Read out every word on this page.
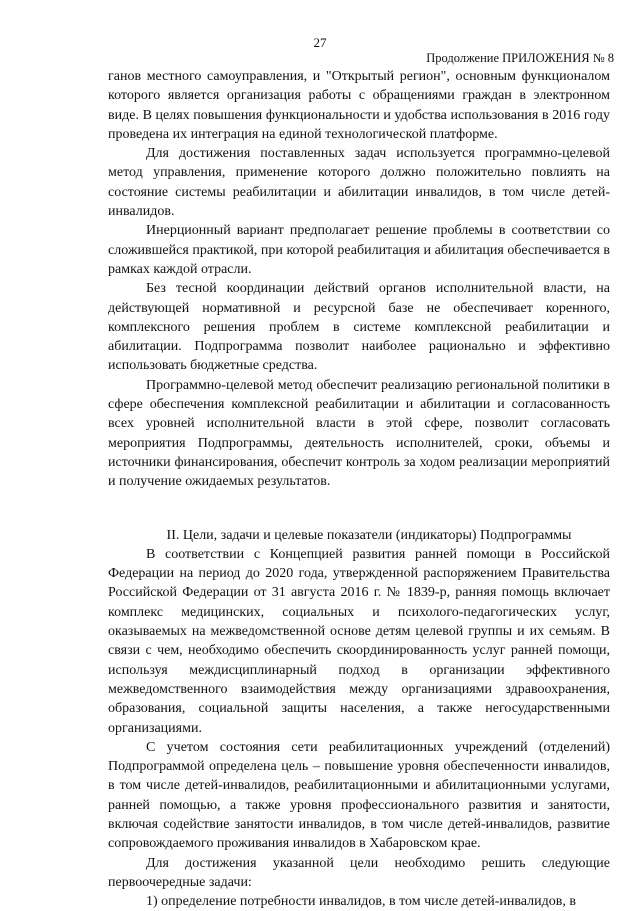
27
Продолжение ПРИЛОЖЕНИЯ № 8

ганов местного самоуправления, и "Открытый регион", основным функционалом которого является организация работы с обращениями граждан в электронном виде. В целях повышения функциональности и удобства использования в 2016 году проведена их интеграция на единой технологической платформе.

Для достижения поставленных задач используется программно-целевой метод управления, применение которого должно положительно повлиять на состояние системы реабилитации и абилитации инвалидов, в том числе детей-инвалидов.

Инерционный вариант предполагает решение проблемы в соответствии со сложившейся практикой, при которой реабилитация и абилитация обеспечивается в рамках каждой отрасли.

Без тесной координации действий органов исполнительной власти, на действующей нормативной и ресурсной базе не обеспечивает коренного, комплексного решения проблем в системе комплексной реабилитации и абилитации. Подпрограмма позволит наиболее рационально и эффективно использовать бюджетные средства.

Программно-целевой метод обеспечит реализацию региональной политики в сфере обеспечения комплексной реабилитации и абилитации и согласованность всех уровней исполнительной власти в этой сфере, позволит согласовать мероприятия Подпрограммы, деятельность исполнителей, сроки, объемы и источники финансирования, обеспечит контроль за ходом реализации мероприятий и получение ожидаемых результатов.

II. Цели, задачи и целевые показатели (индикаторы) Подпрограммы

В соответствии с Концепцией развития ранней помощи в Российской Федерации на период до 2020 года, утвержденной распоряжением Правительства Российской Федерации от 31 августа 2016 г. № 1839-р, ранняя помощь включает комплекс медицинских, социальных и психолого-педагогических услуг, оказываемых на межведомственной основе детям целевой группы и их семьям. В связи с чем, необходимо обеспечить скоординированность услуг ранней помощи, используя междисциплинарный подход в организации эффективного межведомственного взаимодействия между организациями здравоохранения, образования, социальной защиты населения, а также негосударственными организациями.

С учетом состояния сети реабилитационных учреждений (отделений) Подпрограммой определена цель – повышение уровня обеспеченности инвалидов, в том числе детей-инвалидов, реабилитационными и абилитационными услугами, ранней помощью, а также уровня профессионального развития и занятости, включая содействие занятости инвалидов, в том числе детей-инвалидов, развитие сопровождаемого проживания инвалидов в Хабаровском крае.

Для достижения указанной цели необходимо решить следующие первоочередные задачи:

1) определение потребности инвалидов, в том числе детей-инвалидов, в
